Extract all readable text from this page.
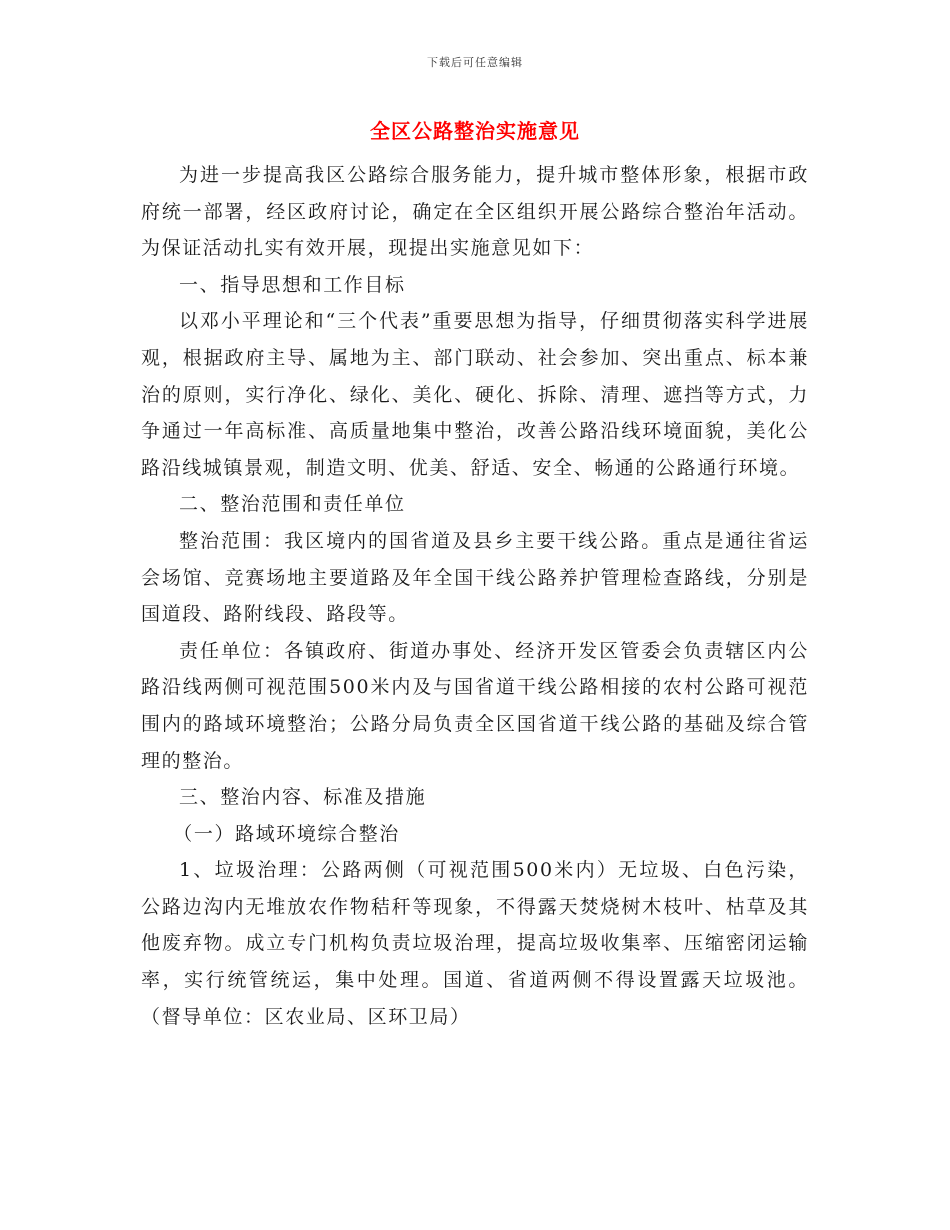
下载后可任意编辑
全区公路整治实施意见

为进一步提高我区公路综合服务能力，提升城市整体形象，根据市政府统一部署，经区政府讨论，确定在全区组织开展公路综合整治年活动。为保证活动扎实有效开展，现提出实施意见如下：

一、指导思想和工作目标

以邓小平理论和“三个代表”重要思想为指导，仔细贯彻落实科学进展观，根据政府主导、属地为主、部门联动、社会参加、突出重点、标本兼治的原则，实行净化、绿化、美化、硬化、拆除、清理、遮挡等方式，力争通过一年高标准、高质量地集中整治，改善公路沿线环境面貌，美化公路沿线城镇景观，制造文明、优美、舒适、安全、畅通的公路通行环境。

二、整治范围和责任单位

整治范围：我区境内的国省道及县乡主要干线公路。重点是通往省运会场馆、竞赛场地主要道路及年全国干线公路养护管理检查路线，分别是国道段、路附线段、路段等。

责任单位：各镇政府、街道办事处、经济开发区管委会负责辖区内公路沿线两侧可视范围500米内及与国省道干线公路相接的农村公路可视范围内的路域环境整治；公路分局负责全区国省道干线公路的基础及综合管理的整治。

三、整治内容、标准及措施

（一）路域环境综合整治

1、垃圾治理：公路两侧（可视范围500米内）无垃圾、白色污染，公路边沟内无堆放农作物秸秆等现象，不得露天焚烧树木枝叶、枯草及其他废弃物。成立专门机构负责垃圾治理，提高垃圾收集率、压缩密闭运输率，实行统管统运，集中处理。国道、省道两侧不得设置露天垃圾池。（督导单位：区农业局、区环卫局）
